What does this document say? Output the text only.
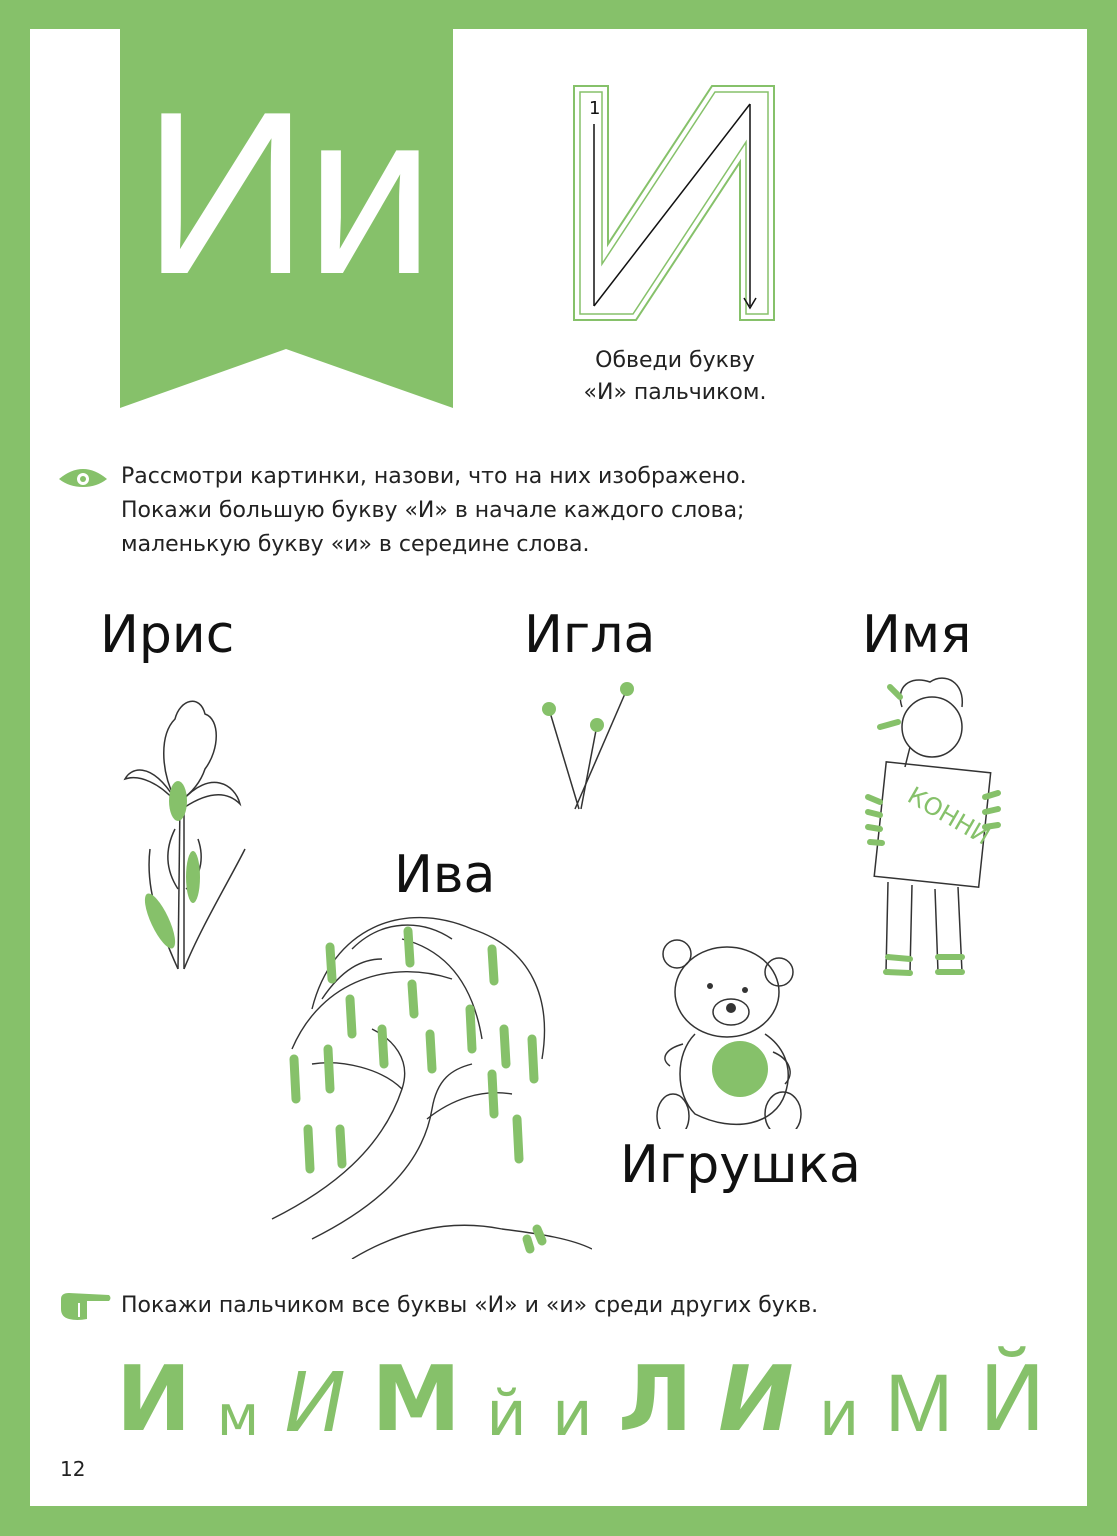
Ии	1
Обведи букву
«И» пальчиком.
Рассмотри картинки, назови, что на них изображено.
Покажи большую букву «И» в начале каждого слова;
маленькую букву «и» в середине слова.
Ирис	Игла	Имя
Ива
Игрушка
КОННИ
Покажи пальчиком все буквы «И» и «и» среди других букв.
И м И М й и Л И и М Й
12
